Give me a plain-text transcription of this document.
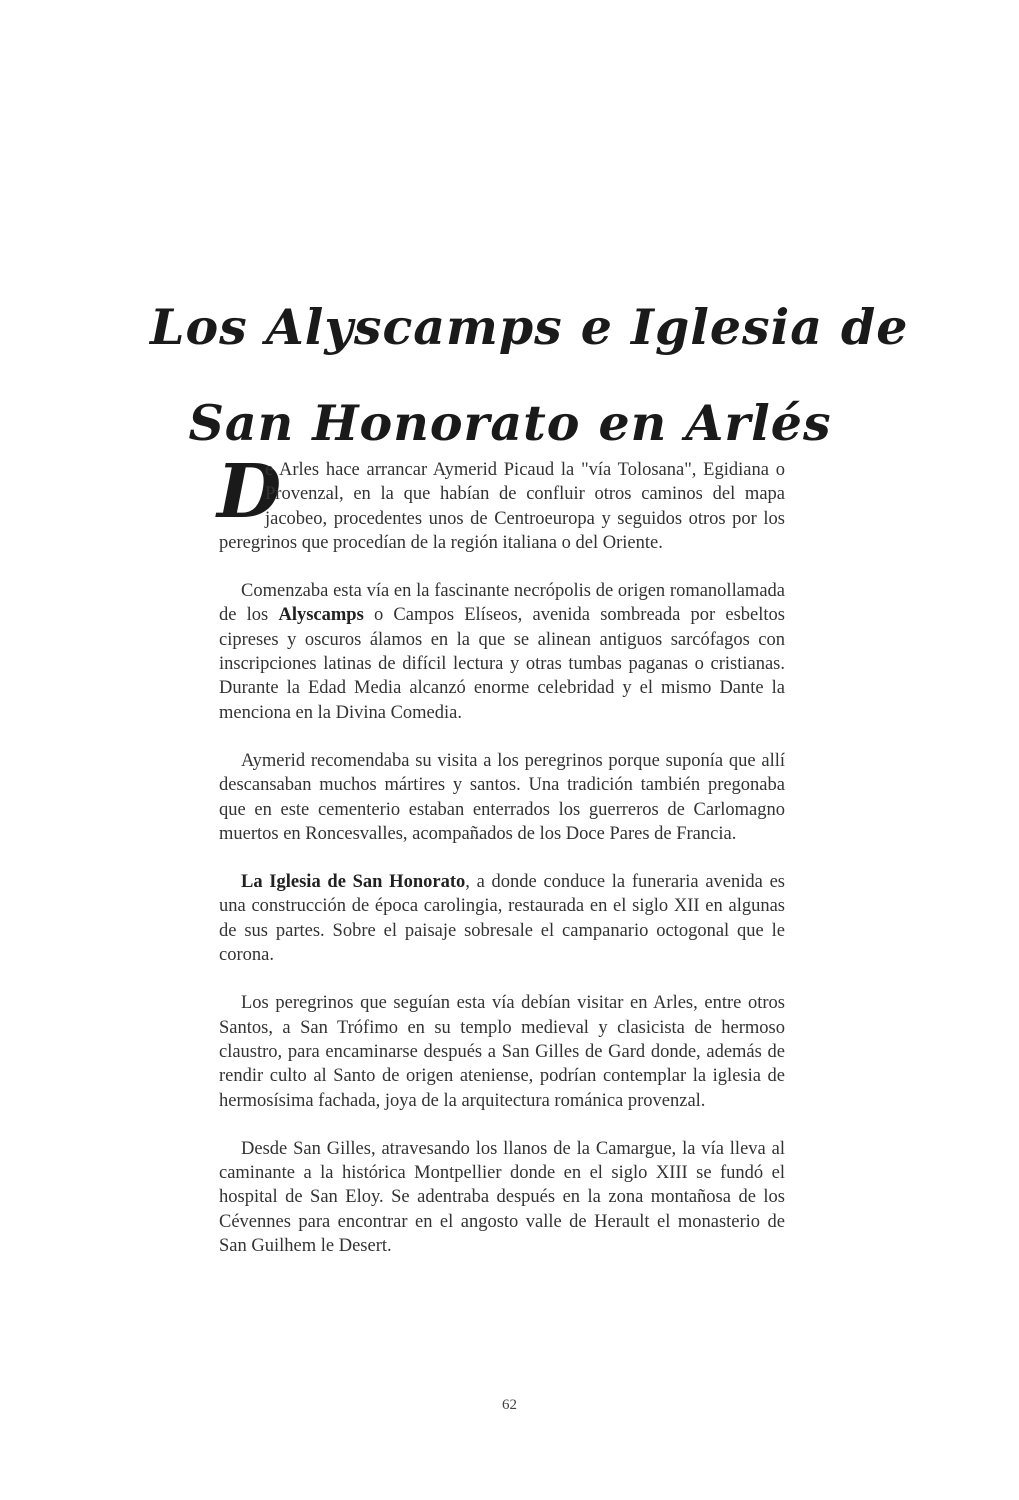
Los Alyscamps e Iglesia de
San Honorato en Arlés

D
e Arles hace arrancar Aymerid Picaud la "vía Tolosana", Egidiana o Provenzal, en la que habían de confluir otros caminos del mapa jacobeo, procedentes unos de Centroeuropa y seguidos otros por los peregrinos que procedían de la región italiana o del Oriente.

Comenzaba esta vía en la fascinante necrópolis de origen romanollamada de los Alyscamps o Campos Elíseos, avenida sombreada por esbeltos cipreses y oscuros álamos en la que se alinean antiguos sarcófagos con inscripciones latinas de difícil lectura y otras tumbas paganas o cristianas. Durante la Edad Media alcanzó enorme celebridad y el mismo Dante la menciona en la Divina Comedia.

Aymerid recomendaba su visita a los peregrinos porque suponía que allí descansaban muchos mártires y santos. Una tradición también pregonaba que en este cementerio estaban enterrados los guerreros de Carlomagno muertos en Roncesvalles, acompañados de los Doce Pares de Francia.

La Iglesia de San Honorato, a donde conduce la funeraria avenida es una construcción de época carolingia, restaurada en el siglo XII en algunas de sus partes. Sobre el paisaje sobresale el campanario octogonal que le corona.

Los peregrinos que seguían esta vía debían visitar en Arles, entre otros Santos, a San Trófimo en su templo medieval y clasicista de hermoso claustro, para encaminarse después a San Gilles de Gard donde, además de rendir culto al Santo de origen ateniense, podrían contemplar la iglesia de hermosísima fachada, joya de la arquitectura románica provenzal.

Desde San Gilles, atravesando los llanos de la Camargue, la vía lleva al caminante a la histórica Montpellier donde en el siglo XIII se fundó el hospital de San Eloy. Se adentraba después en la zona montañosa de los Cévennes para encontrar en el angosto valle de Herault el monasterio de San Guilhem le Desert.

62
